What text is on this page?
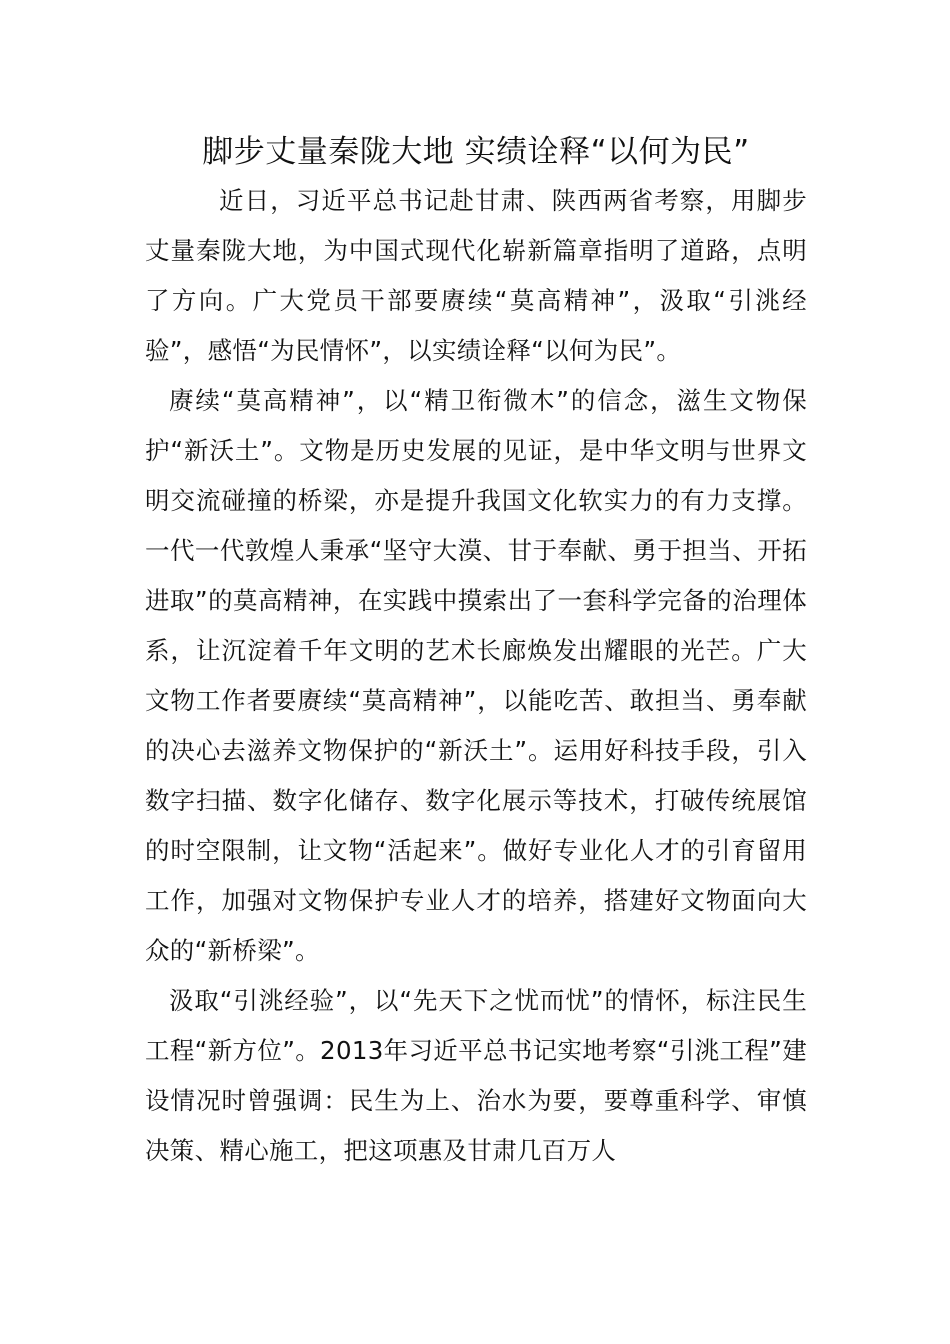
脚步丈量秦陇大地 实绩诠释“以何为民”

近日，习近平总书记赴甘肃、陕西两省考察，用脚步丈量秦陇大地，为中国式现代化崭新篇章指明了道路，点明了方向。广大党员干部要赓续“莫高精神”，汲取“引洮经验”，感悟“为民情怀”，以实绩诠释“以何为民”。

赓续“莫高精神”，以“精卫衔微木”的信念，滋生文物保护“新沃土”。文物是历史发展的见证，是中华文明与世界文明交流碰撞的桥梁，亦是提升我国文化软实力的有力支撑。一代一代敦煌人秉承“坚守大漠、甘于奉献、勇于担当、开拓进取”的莫高精神，在实践中摸索出了一套科学完备的治理体系，让沉淀着千年文明的艺术长廊焕发出耀眼的光芒。广大文物工作者要赓续“莫高精神”，以能吃苦、敢担当、勇奉献的决心去滋养文物保护的“新沃土”。运用好科技手段，引入数字扫描、数字化储存、数字化展示等技术，打破传统展馆的时空限制，让文物“活起来”。做好专业化人才的引育留用工作，加强对文物保护专业人才的培养，搭建好文物面向大众的“新桥梁”。

汲取“引洮经验”，以“先天下之忧而忧”的情怀，标注民生工程“新方位”。2013年习近平总书记实地考察“引洮工程”建设情况时曾强调：民生为上、治水为要，要尊重科学、审慎决策、精心施工，把这项惠及甘肃几百万人
